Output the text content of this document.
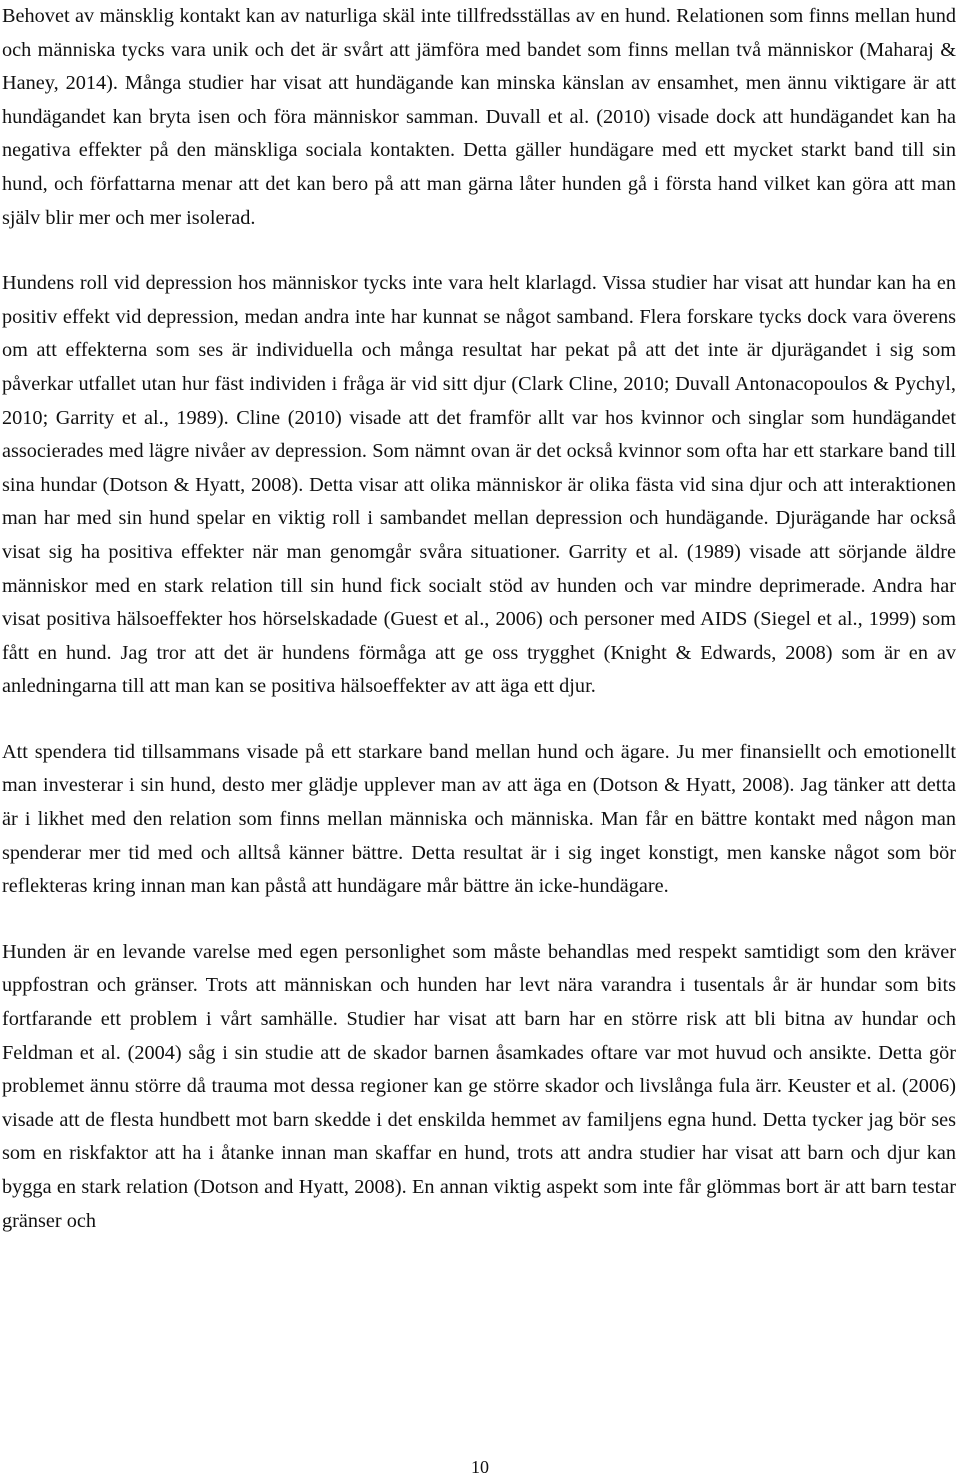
Behovet av mänsklig kontakt kan av naturliga skäl inte tillfredsställas av en hund. Relationen som finns mellan hund och människa tycks vara unik och det är svårt att jämföra med bandet som finns mellan två människor (Maharaj & Haney, 2014). Många studier har visat att hundägande kan minska känslan av ensamhet, men ännu viktigare är att hundägandet kan bryta isen och föra människor samman. Duvall et al. (2010) visade dock att hundägandet kan ha negativa effekter på den mänskliga sociala kontakten. Detta gäller hundägare med ett mycket starkt band till sin hund, och författarna menar att det kan bero på att man gärna låter hunden gå i första hand vilket kan göra att man själv blir mer och mer isolerad.

Hundens roll vid depression hos människor tycks inte vara helt klarlagd. Vissa studier har visat att hundar kan ha en positiv effekt vid depression, medan andra inte har kunnat se något samband. Flera forskare tycks dock vara överens om att effekterna som ses är individuella och många resultat har pekat på att det inte är djurägandet i sig som påverkar utfallet utan hur fäst individen i fråga är vid sitt djur (Clark Cline, 2010; Duvall Antonacopoulos & Pychyl, 2010; Garrity et al., 1989). Cline (2010) visade att det framför allt var hos kvinnor och singlar som hundägandet associerades med lägre nivåer av depression. Som nämnt ovan är det också kvinnor som ofta har ett starkare band till sina hundar (Dotson & Hyatt, 2008). Detta visar att olika människor är olika fästa vid sina djur och att interaktionen man har med sin hund spelar en viktig roll i sambandet mellan depression och hundägande. Djurägande har också visat sig ha positiva effekter när man genomgår svåra situationer. Garrity et al. (1989) visade att sörjande äldre människor med en stark relation till sin hund fick socialt stöd av hunden och var mindre deprimerade. Andra har visat positiva hälsoeffekter hos hörselskadade (Guest et al., 2006) och personer med AIDS (Siegel et al., 1999) som fått en hund. Jag tror att det är hundens förmåga att ge oss trygghet (Knight & Edwards, 2008) som är en av anledningarna till att man kan se positiva hälsoeffekter av att äga ett djur.

Att spendera tid tillsammans visade på ett starkare band mellan hund och ägare. Ju mer finansiellt och emotionellt man investerar i sin hund, desto mer glädje upplever man av att äga en (Dotson & Hyatt, 2008). Jag tänker att detta är i likhet med den relation som finns mellan människa och människa. Man får en bättre kontakt med någon man spenderar mer tid med och alltså känner bättre. Detta resultat är i sig inget konstigt, men kanske något som bör reflekteras kring innan man kan påstå att hundägare mår bättre än icke-hundägare.

Hunden är en levande varelse med egen personlighet som måste behandlas med respekt samtidigt som den kräver uppfostran och gränser. Trots att människan och hunden har levt nära varandra i tusentals år är hundar som bits fortfarande ett problem i vårt samhälle. Studier har visat att barn har en större risk att bli bitna av hundar och Feldman et al. (2004) såg i sin studie att de skador barnen åsamkades oftare var mot huvud och ansikte. Detta gör problemet ännu större då trauma mot dessa regioner kan ge större skador och livslånga fula ärr. Keuster et al. (2006) visade att de flesta hundbett mot barn skedde i det enskilda hemmet av familjens egna hund. Detta tycker jag bör ses som en riskfaktor att ha i åtanke innan man skaffar en hund, trots att andra studier har visat att barn och djur kan bygga en stark relation (Dotson and Hyatt, 2008). En annan viktig aspekt som inte får glömmas bort är att barn testar gränser och

10
